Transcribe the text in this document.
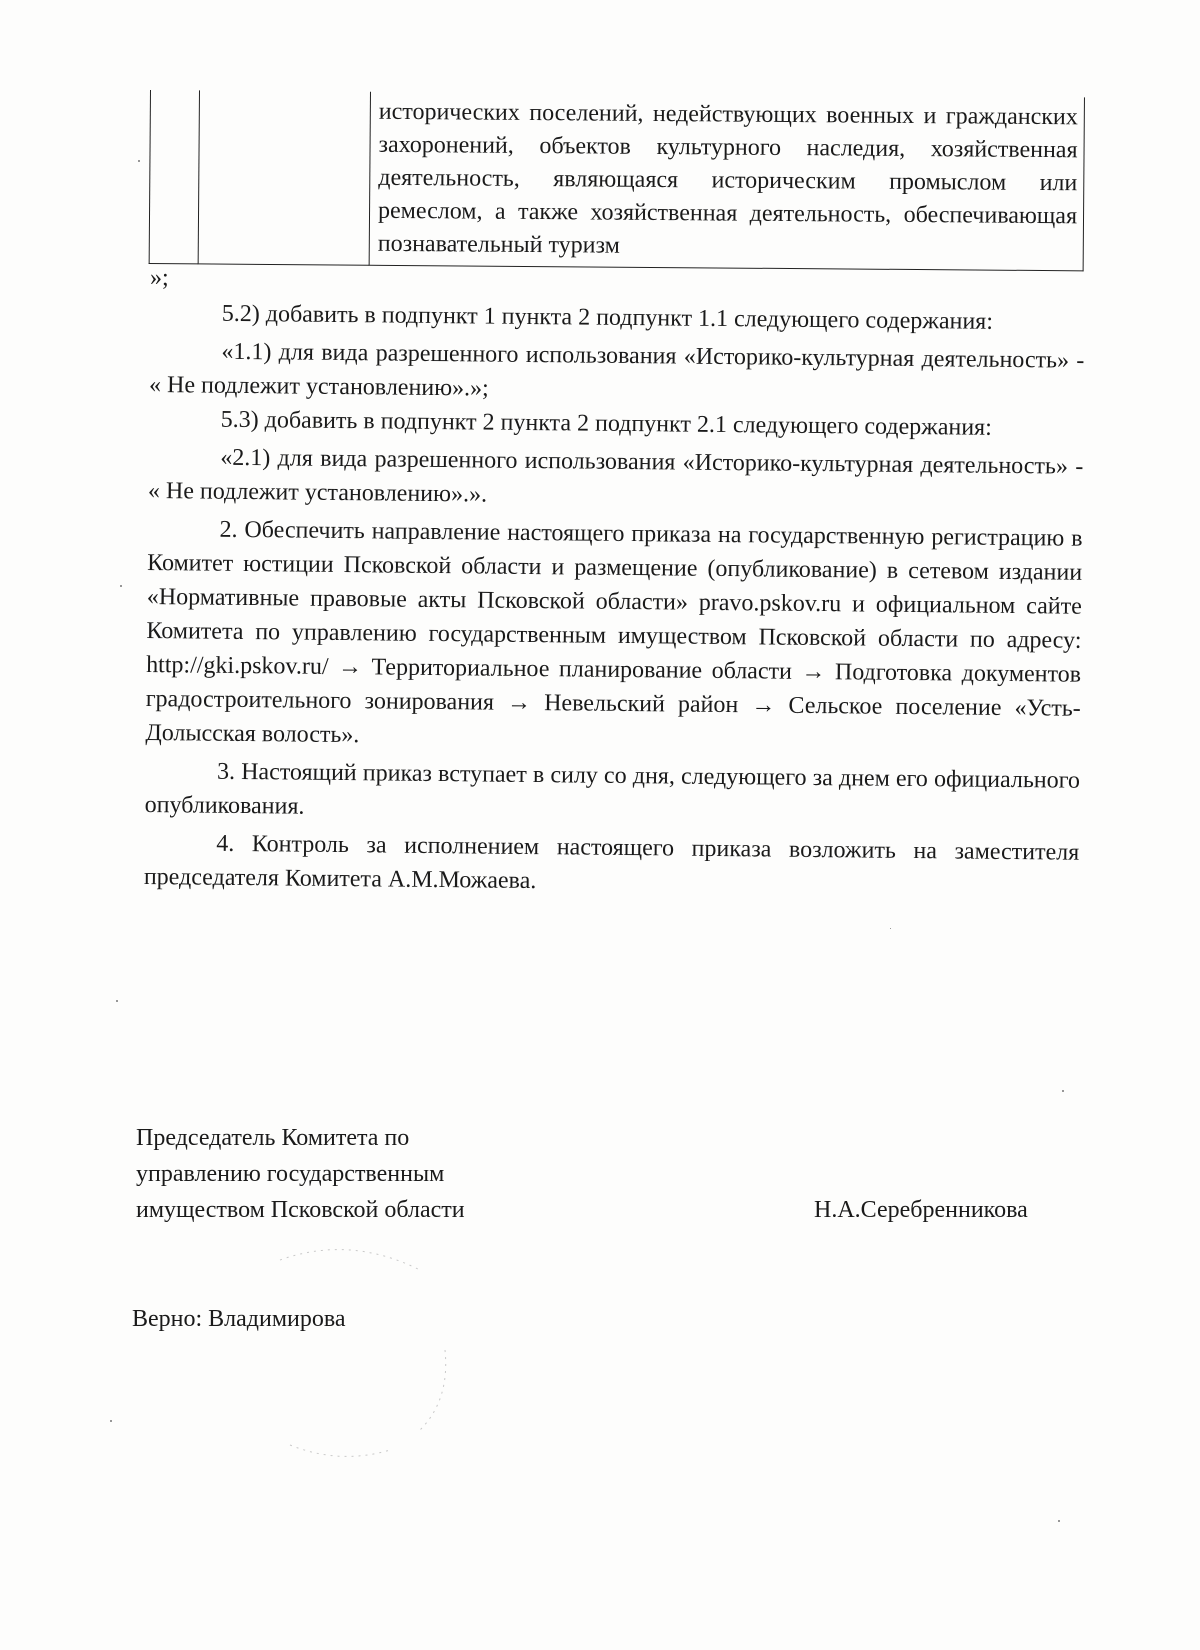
		исторических поселений, недействующих военных и гражданских захоронений, объектов культурного наследия, хозяйственная деятельность, являющаяся историческим промыслом или ремеслом, а также хозяйственная деятельность, обеспечивающая познавательный туризм
»;

5.2) добавить в подпункт 1 пункта 2 подпункт 1.1 следующего содержания:

«1.1) для вида разрешенного использования «Историко-культурная деятельность» - « Не подлежит установлению».»;

5.3) добавить в подпункт 2 пункта 2 подпункт 2.1 следующего содержания:

«2.1) для вида разрешенного использования «Историко-культурная деятельность» - « Не подлежит установлению».».

2. Обеспечить направление настоящего приказа на государственную регистрацию в Комитет юстиции Псковской области и размещение (опубликование) в сетевом издании «Нормативные правовые акты Псковской области» pravo.pskov.ru и официальном сайте Комитета по управлению государственным имуществом Псковской области по адресу: http://gki.pskov.ru/ → Территориальное планирование области → Подготовка документов градостроительного зонирования → Невельский район → Сельское поселение «Усть-Долысская волость».

3. Настоящий приказ вступает в силу со дня, следующего за днем его официального опубликования.

4. Контроль за исполнением настоящего приказа возложить на заместителя председателя Комитета А.М.Можаева.

Председатель Комитета по
управлению государственным
имуществом Псковской области	Н.А.Серебренникова
Верно: Владимирова
